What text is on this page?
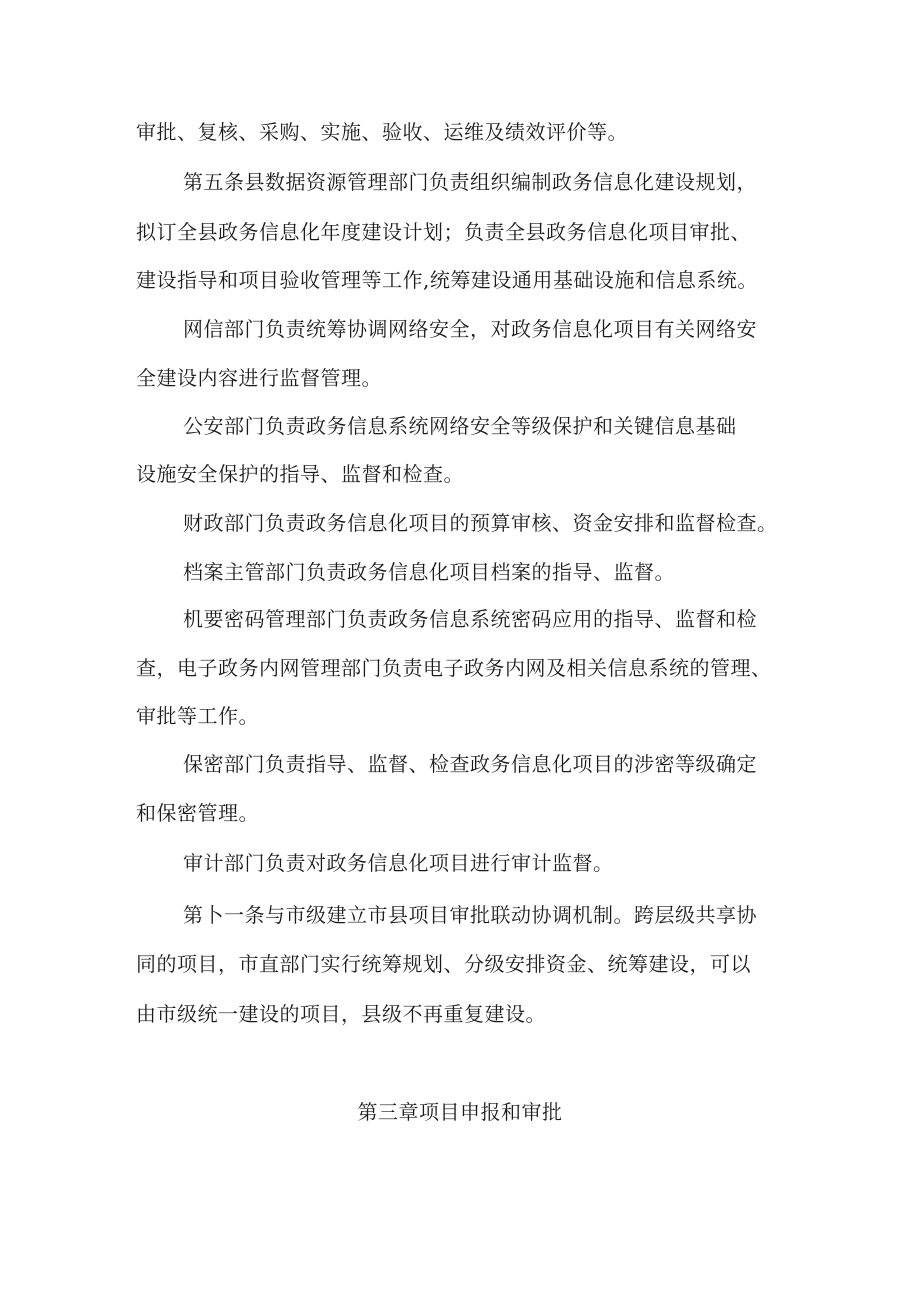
审批、复核、采购、实施、验收、运维及绩效评价等。
第五条县数据资源管理部门负责组织编制政务信息化建设规划，
拟订全县政务信息化年度建设计划；负责全县政务信息化项目审批、
建设指导和项目验收管理等工作,统筹建设通用基础设施和信息系统。
网信部门负责统筹协调网络安全，对政务信息化项目有关网络安
全建设内容进行监督管理。
公安部门负责政务信息系统网络安全等级保护和关键信息基础
设施安全保护的指导、监督和检查。
财政部门负责政务信息化项目的预算审核、资金安排和监督检查。
档案主管部门负责政务信息化项目档案的指导、监督。
机要密码管理部门负责政务信息系统密码应用的指导、监督和检
查，电子政务内网管理部门负责电子政务内网及相关信息系统的管理、
审批等工作。
保密部门负责指导、监督、检查政务信息化项目的涉密等级确定
和保密管理。
审计部门负责对政务信息化项目进行审计监督。
第卜一条与市级建立市县项目审批联动协调机制。跨层级共享协
同的项目，市直部门实行统筹规划、分级安排资金、统筹建设，可以
由市级统一建设的项目，县级不再重复建设。
第三章项目申报和审批
